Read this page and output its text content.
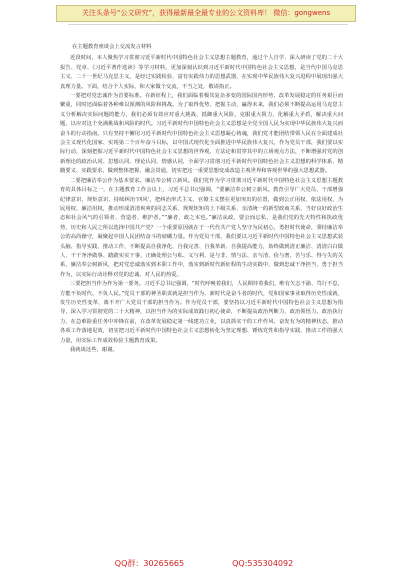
关注头条号“公文研究”，获得最新最全最专业的公文资料库！ 微信：gongwens

在主题教育座谈会上交流发言材料

近段时间，本人聚焦学习贯彻习近平新时代中国特色社会主义思想主题教育，通过个人自学、深入研读了党的二十大报告、党章、《习近平著作选读》等学习材料，更加深刻认识到习近平新时代中国特色社会主义思想，是当代中国马克思主义、二十一世纪马克思主义，是经过实践检验、富有实践伟力的思想武器，在实现中华民族伟大复兴进程中展现出强大真理力量。下面，结合个人实际，和大家做个交流，不当之处，敬请指正。

一要把对党忠诚作为首要标准。在新征程上，我们面临着极其复杂多变的国际国内形势，改革发展稳定的任务艰巨而繁重，同时还面临着各种难以预测的风险和挑战。为了取得优势、把握主动，赢得未来，我们必须不断提高运用马克思主义分析解决实际问题的能力，我们必须有效应对重大挑战，抵御重大风险，克服重大阻力，化解重大矛盾，解决重大问题，以应对这个充满挑战和风险的时代。习近平新时代中国特色社会主义思想是全党全国人民为实现中华民族伟大复兴而奋斗的行动指南。只有坚持不懈用习近平新时代中国特色社会主义思想凝心铸魂，我们党才能团结带领人民在全面建成社会主义现代化国家、实现第二个百年奋斗目标，以中国式现代化全面推进中华民族伟大复兴，作为党员干部，我们要以实际行动，深刻把握习近平新时代中国特色社会主义思想的世界观、方法论和贯穿其中的立场观点方法，不断增强对党的创新理论的政治认同、思想认同、理论认同、情感认同，全面学习贯彻习近平新时代中国特色社会主义思想的科学体系、精髓要义、实践要求，做到整体把握、融会贯通，切实把这一重要思想变成改造主观世界和客观世界的强大思想武器。

二要把廉洁奉公作为基本要求。廉洁奉公树立新风。我们党作为学习贯彻习近平新时代中国特色社会主义思想主题教育的具体目标之一，在主题教育工作会议上，习近平总书记强调，“要廉洁奉公树立新风。教育引导广大党员、干部增强纪律意识，规矩意识，持续纠治‘四风’，把纠治形式主义、官僚主义摆在更加突出的位置，做到公正用权、依法用权、为民用权、廉洁用权，推动形成清清爽爽的同志关系、规规矩矩的上下级关系、亲清统一的新型政商关系，当好良好政治生态和社会风气的引领者、营造者、维护者。”“廉者，政之本也。”廉洁从政，要公而忘私，是我们党的先天特性和执政优势，历史和人民之所以选择中国共产党？一个重要原因就在于一代代共产党人坚守为民初心，勇担时代使命，秉持廉洁奉公的高尚操守，凝聚起中国人民团结奋斗的磅礴力量。作为党员干部，我们要以习近平新时代中国特色社会主义思想武装头脑、指导实践、推动工作，不断提高自我净化、自我完善、自我革新、自我提高能力，始终做到清正廉洁、清清白白做人、干干净净做事、踏踏实实干事，正确处理公与私、义与利、是与非、情与法、亲与清、俭与奢、苦与乐、得与失的关系，廉洁奉公树新风，把对党忠诚落实到本职工作中，落实到新时代新征程的生动实践中，做到忠诚干净担当，勇于担当作为，以实际行动诠释对党的忠诚、对人民的热爱。

三要把担当作为作为第一要务。习近平总书记强调，“时代呼唤着我们，人民期待着我们，唯有矢志不渝、笃行不怠，方能不负时代、不负人民。”党员干部的神圣职责就是担当作为、新时代是奋斗者的时代，党和国家事业取得历史性成就、发生历史性变革，离不开广大党员干部的担当作为。作为党员干部，要坚持以习近平新时代中国特色社会主义思想为指导，深入学习贯彻党的二十大精神，以担当作为的实际成效践行初心使命，不断提高政治判断力、政治领悟力、政治执行力，在急难险重任务中冲锋在前，在改革发展稳定第一线建功立业，以真抓实干的工作作风、奋发有为的精神状态，推动各项工作落地见效，切实把习近平新时代中国特色社会主义思想转化为坚定理想、锤炼党性和指导实践、推动工作的强大力量，用实际工作成效检验主题教育成果。

我就谈这些，谢谢。

QQ群：30265665	QQ:535304092
